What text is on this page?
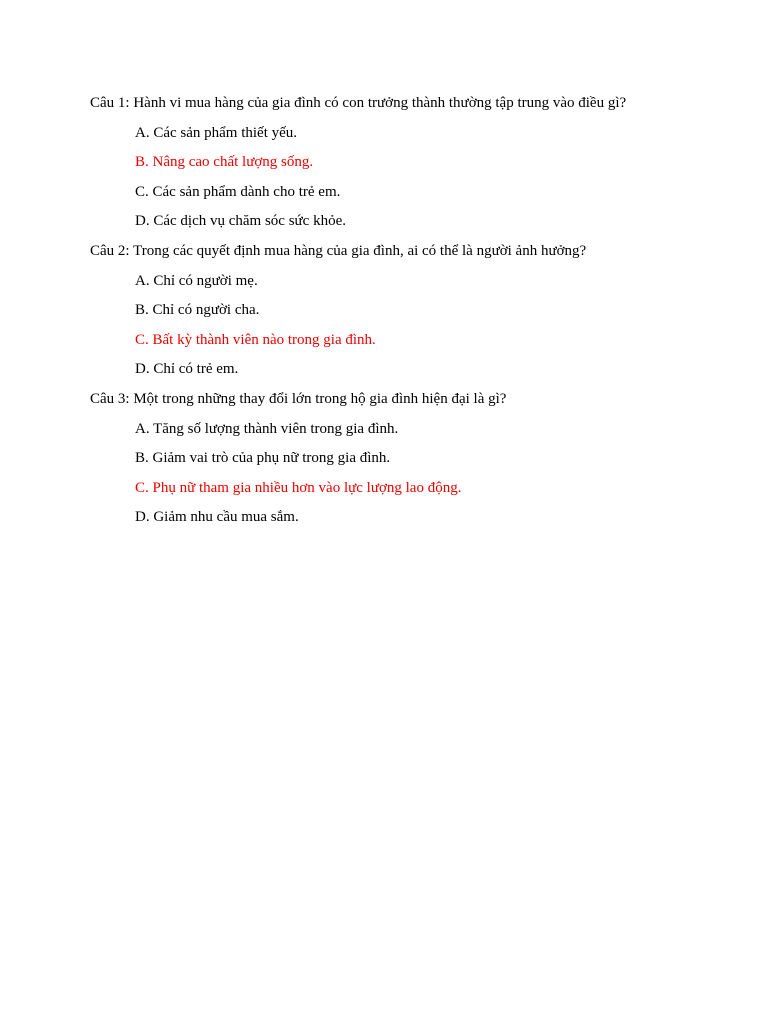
Câu 1: Hành vi mua hàng của gia đình có con trưởng thành thường tập trung vào điều gì?
A. Các sản phẩm thiết yếu.
B. Nâng cao chất lượng sống.
C. Các sản phẩm dành cho trẻ em.
D. Các dịch vụ chăm sóc sức khỏe.
Câu 2: Trong các quyết định mua hàng của gia đình, ai có thể là người ảnh hưởng?
A. Chỉ có người mẹ.
B. Chỉ có người cha.
C. Bất kỳ thành viên nào trong gia đình.
D. Chỉ có trẻ em.
Câu 3: Một trong những thay đổi lớn trong hộ gia đình hiện đại là gì?
A. Tăng số lượng thành viên trong gia đình.
B. Giảm vai trò của phụ nữ trong gia đình.
C. Phụ nữ tham gia nhiều hơn vào lực lượng lao động.
D. Giảm nhu cầu mua sắm.
